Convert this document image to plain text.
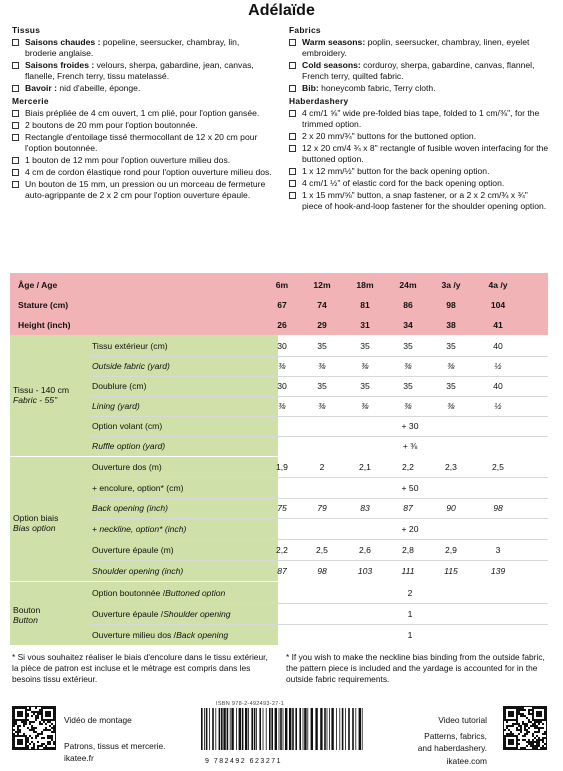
Adélaïde
Tissus
Saisons chaudes : popeline, seersucker, chambray, lin, broderie anglaise.
Saisons froides : velours, sherpa, gabardine, jean, canvas, flanelle, French terry, tissu matelassé.
Bavoir : nid d'abeille, éponge.
Mercerie
Biais prépliée de 4 cm ouvert, 1 cm plié, pour l'option gansée.
2 boutons de 20 mm pour l'option boutonnée.
Rectangle d'entoilage tissé thermocollant de 12 x 20 cm pour l'option boutonnée.
1 bouton de 12 mm pour l'option ouverture milieu dos.
4 cm de cordon élastique rond pour l'option ouverture milieu dos.
Un bouton de 15 mm, un pression ou un morceau de fermeture auto-agrippante de 2 x 2 cm pour l'option ouverture épaule.
Fabrics
Warm seasons: poplin, seersucker, chambray, linen, eyelet embroidery.
Cold seasons: corduroy, sherpa, gabardine, canvas, flannel, French terry, quilted fabric.
Bib: honeycomb fabric, Terry cloth.
Haberdashery
4 cm/1 ⅝" wide pre-folded bias tape, folded to 1 cm/⅜", for the trimmed option.
2 x 20 mm/¾" buttons for the buttoned option.
12 x 20 cm/4 ¾ x 8" rectangle of fusible woven interfacing for the buttoned option.
1 x 12 mm/½" button for the back opening option.
4 cm/1 ½" of elastic cord for the back opening option.
1 x 15 mm/⅝" button, a snap fastener, or a 2 x 2 cm/¾ x ¾" piece of hook-and-loop fastener for the shoulder opening option.
Tissu - 140 cm
Fabric - 55"
Option biais
Bias option
Bouton
Button
Âge / Age	6m	12m	18m	24m	3a /y	4a /y
Stature (cm)	67	74	81	86	98	104
Height (inch)	26	29	31	34	38	41
Tissu extérieur (cm)	30	35	35	35	35	40
Outside fabric (yard)	⅜	⅜	⅜	⅜	⅜	½
Doublure (cm)	30	35	35	35	35	40
Lining (yard)	⅜	⅜	⅜	⅜	⅜	½
Option volant (cm)	+ 30
Ruffle option (yard)	+ ⅜
Ouverture dos (m)	1,9	2	2,1	2,2	2,3	2,5
+ encolure, option* (cm)	+ 50
Back opening (inch)	75	79	83	87	90	98
+ neckline, option* (inch)	+ 20
Ouverture épaule (m)	2,2	2,5	2,6	2,8	2,9	3
Shoulder opening (inch)	87	98	103	111	115	139
Option boutonnée /Buttoned option	2
Ouverture épaule /Shoulder opening	1
Ouverture milieu dos /Back opening	1
* Si vous souhaitez réaliser le biais d'encolure dans le tissu extérieur, la pièce de patron est incluse et le métrage est compris dans les besoins tissu extérieur.
* If you wish to make the neckline bias binding from the outside fabric, the pattern piece is included and the yardage is accounted for in the outside fabric requirements.
Vidéo de montage
Patrons, tissus et mercerie.
ikatee.fr
ISBN 978-2-492493-27-1
9 782492 623271
Video tutorial
Patterns, fabrics,
and haberdashery.
ikatee.com
